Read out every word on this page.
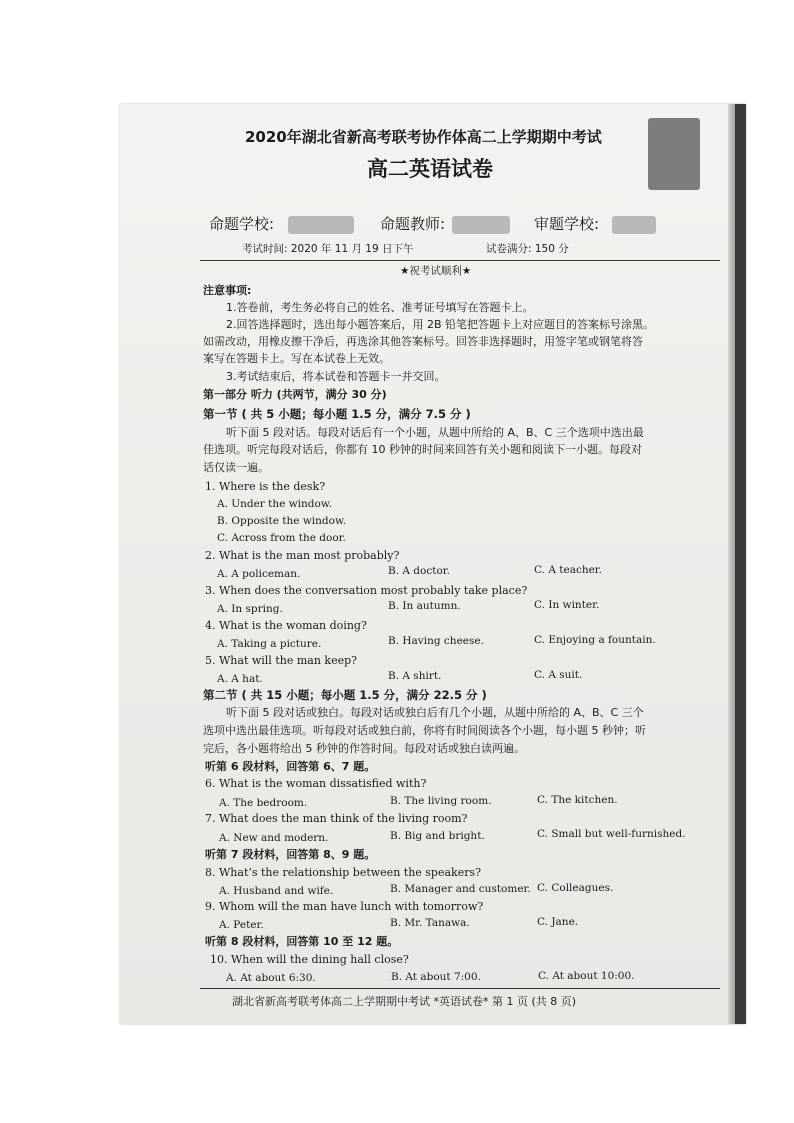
2020年湖北省新高考联考协作体高二上学期期中考试
高二英语试卷
命题学校:	命题教师:	审题学校:
考试时间: 2020 年 11 月 19 日下午	试卷满分: 150 分
★祝考试顺利★
注意事项:
1.答卷前，考生务必将自己的姓名、准考证号填写在答题卡上。
2.回答选择题时，选出每小题答案后，用 2B 铅笔把答题卡上对应题目的答案标号涂黑。
如需改动，用橡皮擦干净后，再选涂其他答案标号。回答非选择题时，用签字笔或钢笔将答
案写在答题卡上。写在本试卷上无效。
3.考试结束后，将本试卷和答题卡一并交回。
第一部分 听力 (共两节，满分 30 分)
第一节 ( 共 5 小题；每小题 1.5 分，满分 7.5 分 )
听下面 5 段对话。每段对话后有一个小题，从题中所给的 A、B、C 三个选项中选出最
佳选项。听完每段对话后，你都有 10 秒钟的时间来回答有关小题和阅读下一小题。每段对
话仅读一遍。
1. Where is the desk?
A. Under the window.
B. Opposite the window.
C. Across from the door.
2. What is the man most probably?
A. A policeman.	B. A doctor.	C. A teacher.
3. When does the conversation most probably take place?
A. In spring.	B. In autumn.	C. In winter.
4. What is the woman doing?
A. Taking a picture.	B. Having cheese.	C. Enjoying a fountain.
5. What will the man keep?
A. A hat.	B. A shirt.	C. A suit.
第二节 ( 共 15 小题；每小题 1.5 分，满分 22.5 分 )
听下面 5 段对话或独白。每段对话或独白后有几个小题，从题中所给的 A、B、C 三个
选项中选出最佳选项。听每段对话或独白前，你将有时间阅读各个小题，每小题 5 秒钟；听
完后，各小题将给出 5 秒钟的作答时间。每段对话或独白读两遍。
听第 6 段材料，回答第 6、7 题。
6. What is the woman dissatisfied with?
A. The bedroom.	B. The living room.	C. The kitchen.
7. What does the man think of the living room?
A. New and modern.	B. Big and bright.	C. Small but well-furnished.
听第 7 段材料，回答第 8、9 题。
8. What’s the relationship between the speakers?
A. Husband and wife.	B. Manager and customer. C. Colleagues.
9. Whom will the man have lunch with tomorrow?
A. Peter.	B. Mr. Tanawa.	C. Jane.
听第 8 段材料，回答第 10 至 12 题。
10. When will the dining hall close?
A. At about 6:30.	B. At about 7:00.	C. At about 10:00.
湖北省新高考联考体高二上学期期中考试 *英语试卷* 第 1 页 (共 8 页)
